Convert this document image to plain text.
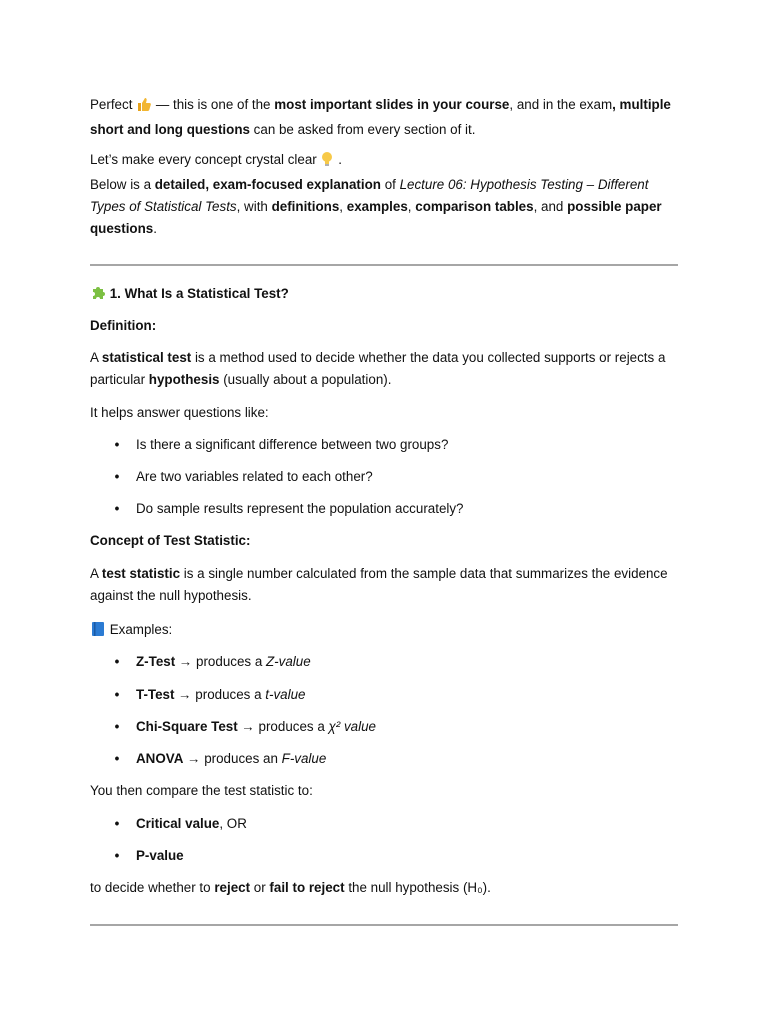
Perfect  — this is one of the most important slides in your course, and in the exam, multiple short and long questions can be asked from every section of it.
Let’s make every concept crystal clear  .
Below is a detailed, exam-focused explanation of Lecture 06: Hypothesis Testing – Different Types of Statistical Tests, with definitions, examples, comparison tables, and possible paper questions.
1. What Is a Statistical Test?
Definition:
A statistical test is a method used to decide whether the data you collected supports or rejects a particular hypothesis (usually about a population).
It helps answer questions like:
• Is there a significant difference between two groups?
• Are two variables related to each other?
• Do sample results represent the population accurately?
Concept of Test Statistic:
A test statistic is a single number calculated from the sample data that summarizes the evidence against the null hypothesis.
Examples:
• Z-Test → produces a Z-value
• T-Test → produces a t-value
• Chi-Square Test → produces a χ² value
• ANOVA → produces an F-value
You then compare the test statistic to:
• Critical value, OR
• P-value
to decide whether to reject or fail to reject the null hypothesis (H₀).
